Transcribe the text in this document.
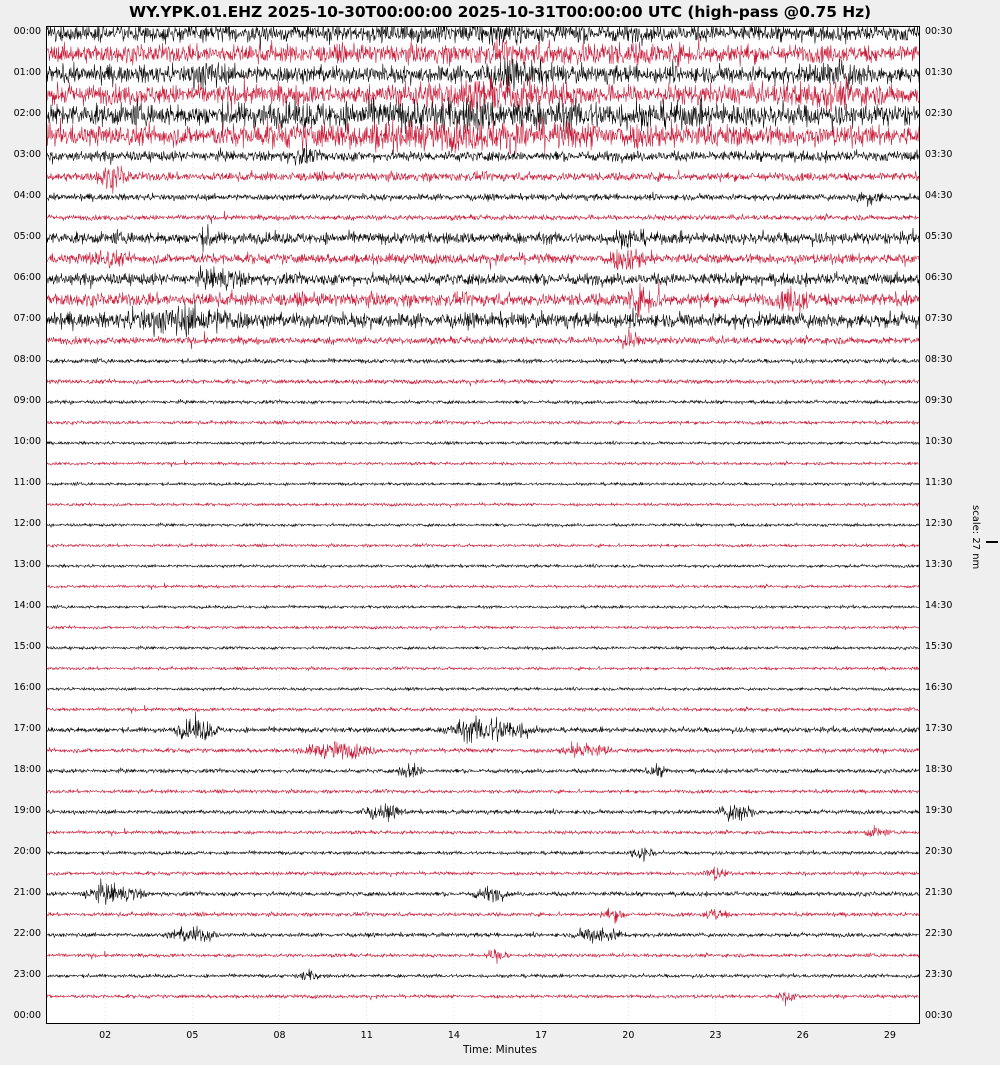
WY.YPK.01.EHZ 2025-10-30T00:00:00 2025-10-31T00:00:00 UTC (high-pass @0.75 Hz)
00:00
01:00
02:00
03:00
04:00
05:00
06:00
07:00
08:00
09:00
10:00
11:00
12:00
13:00
14:00
15:00
16:00
17:00
18:00
19:00
20:00
21:00
22:00
23:00
00:00
00:30
01:30
02:30
03:30
04:30
05:30
06:30
07:30
08:30
09:30
10:30
11:30
12:30
13:30
14:30
15:30
16:30
17:30
18:30
19:30
20:30
21:30
22:30
23:30
00:30
02	05	08	11	14	17	20	23	26	29
Time: Minutes
scale: 27 nm
